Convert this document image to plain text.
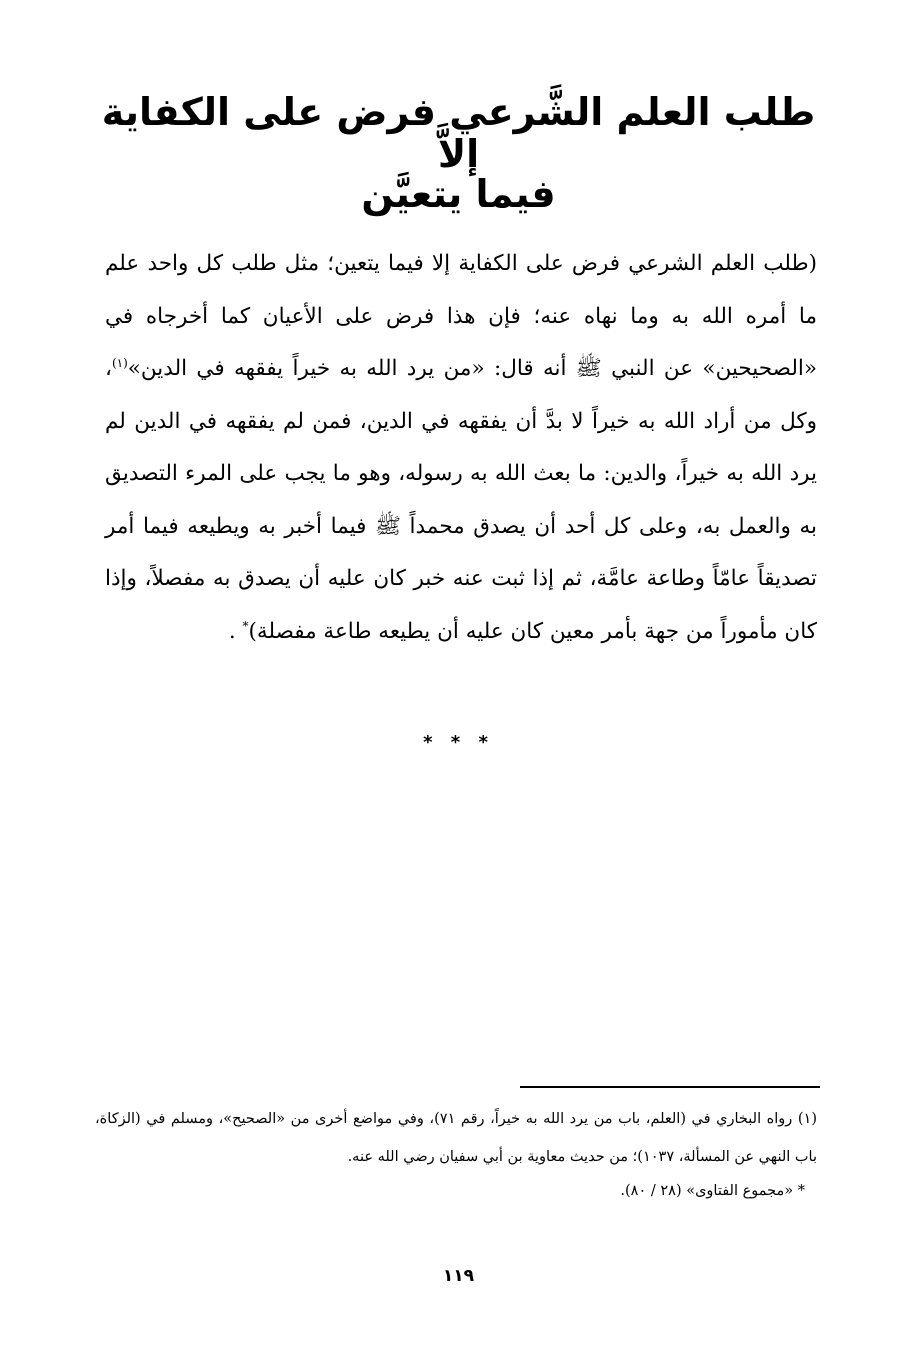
طلب العلم الشَّرعي فرض على الكفاية إلاَّ
فيما يتعيَّن

(طلب العلم الشرعي فرض على الكفاية إلا فيما يتعين؛ مثل طلب كل واحد علم ما أمره الله به وما نهاه عنه؛ فإن هذا فرض على الأعيان كما أخرجاه في «الصحيحين» عن النبي ﷺ أنه قال: «من يرد الله به خيراً يفقهه في الدين»$^{(١)}$، وكل من أراد الله به خيراً لا بدَّ أن يفقهه في الدين، فمن لم يفقهه في الدين لم يرد الله به خيراً، والدين: ما بعث الله به رسوله، وهو ما يجب على المرء التصديق به والعمل به، وعلى كل أحد أن يصدق محمداً ﷺ فيما أخبر به ويطيعه فيما أمر تصديقاً عامّاً وطاعة عامَّة، ثم إذا ثبت عنه خبر كان عليه أن يصدق به مفصلاً، وإذا كان مأموراً من جهة بأمر معين كان عليه أن يطيعه طاعة مفصلة)* .

* * *

(١) رواه البخاري في (العلم، باب من يرد الله به خيراً، رقم ٧١)، وفي مواضع أخرى من «الصحيح»، ومسلم في (الزكاة، باب النهي عن المسألة، ١٠٣٧)؛ من حديث معاوية بن أبي سفيان رضي الله عنه.

* «مجموع الفتاوى» (٢٨ / ٨٠).

١١٩
